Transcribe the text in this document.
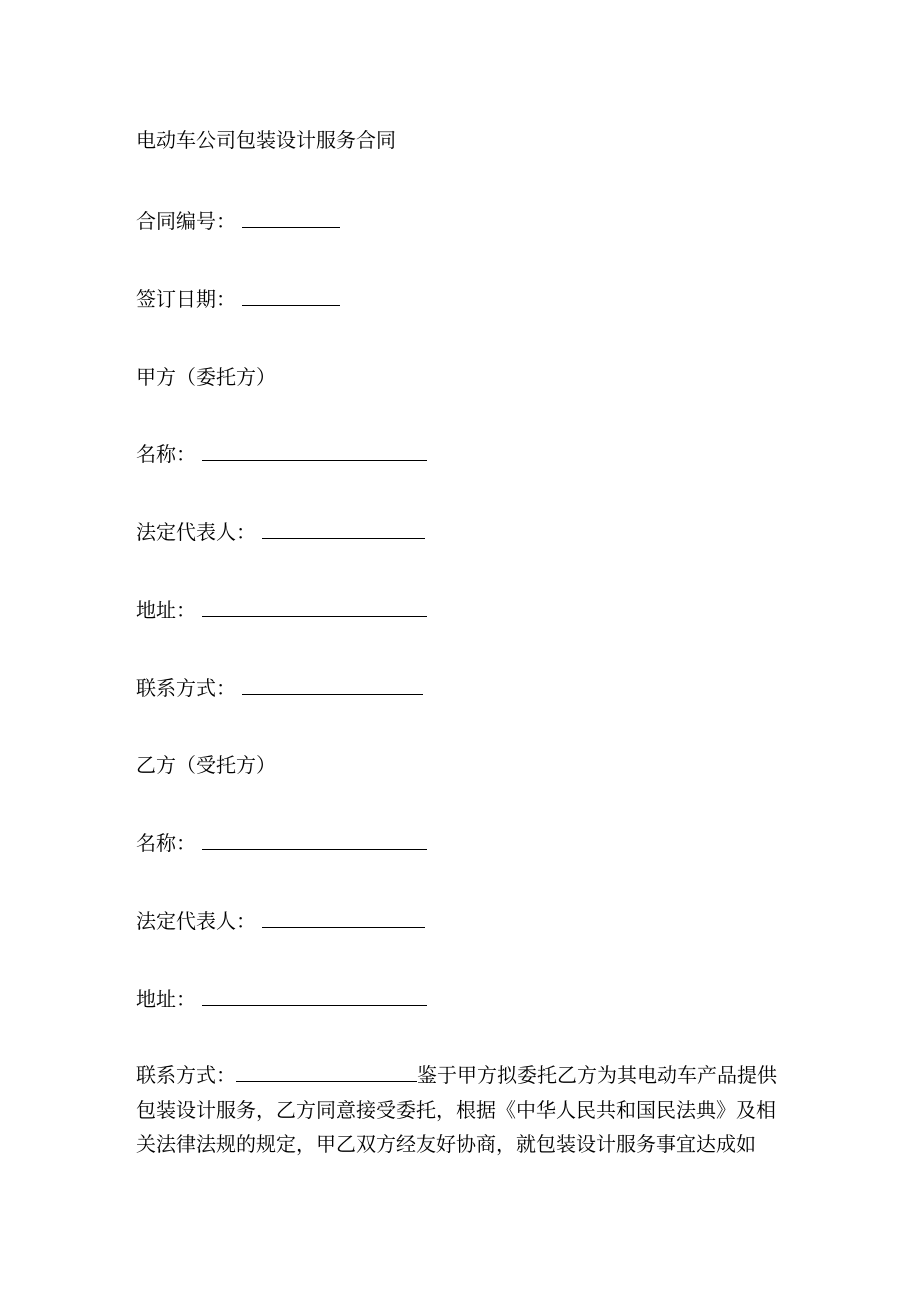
电动车公司包装设计服务合同
合同编号：
签订日期：
甲方（委托方）
名称：
法定代表人：
地址：
联系方式：
乙方（受托方）
名称：
法定代表人：
地址：
联系方式：	鉴于甲方拟委托乙方为其电动车产品提供包装设计服务，乙方同意接受委托，根据《中华人民共和国民法典》及相关法律法规的规定，甲乙双方经友好协商，就包装设计服务事宜达成如
